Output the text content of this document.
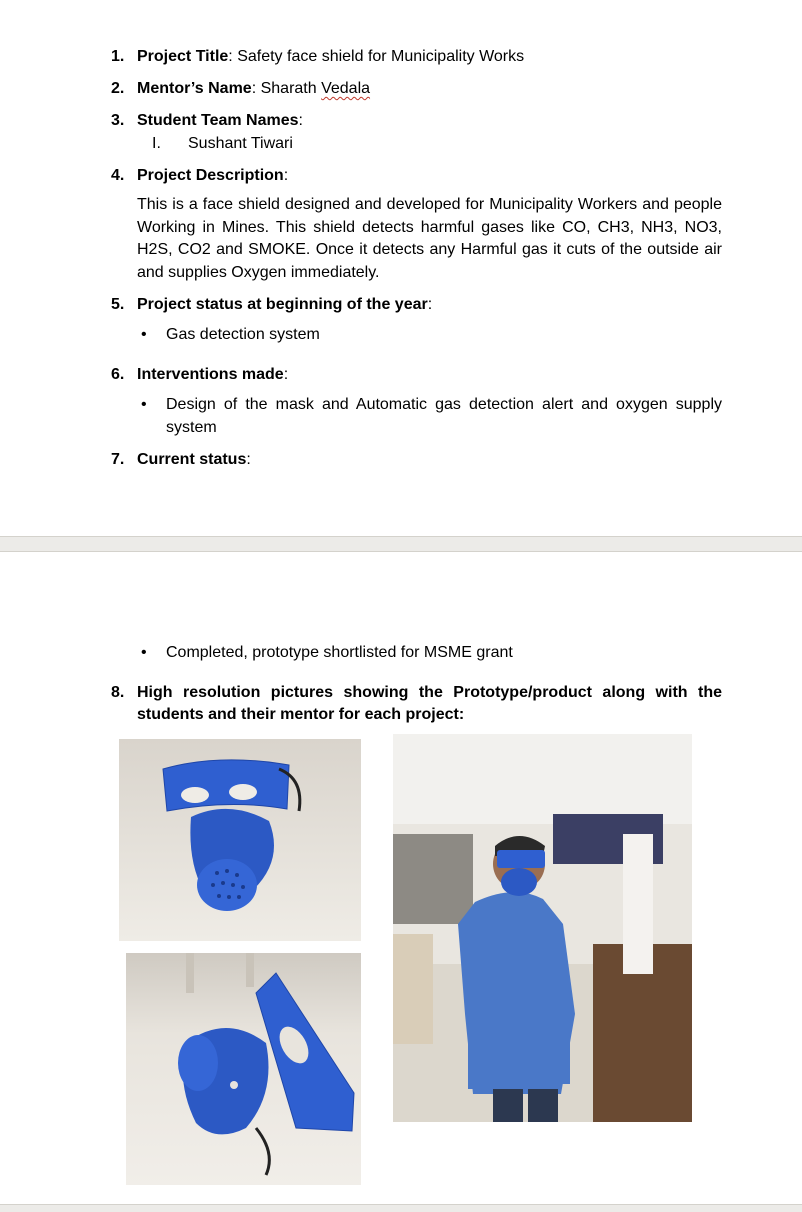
1. Project Title: Safety face shield for Municipality Works
2. Mentor’s Name: Sharath Vedala
3. Student Team Names:
I. Sushant Tiwari
4. Project Description:
This is a face shield designed and developed for Municipality Workers and people Working in Mines. This shield detects harmful gases like CO, CH3, NH3, NO3, H2S, CO2 and SMOKE. Once it detects any Harmful gas it cuts of the outside air and supplies Oxygen immediately.
5. Project status at beginning of the year:
• Gas detection system
6. Interventions made:
• Design of the mask and Automatic gas detection alert and oxygen supply system
7. Current status:
• Completed, prototype shortlisted for MSME grant
8. High resolution pictures showing the Prototype/product along with the
students and their mentor for each project:
